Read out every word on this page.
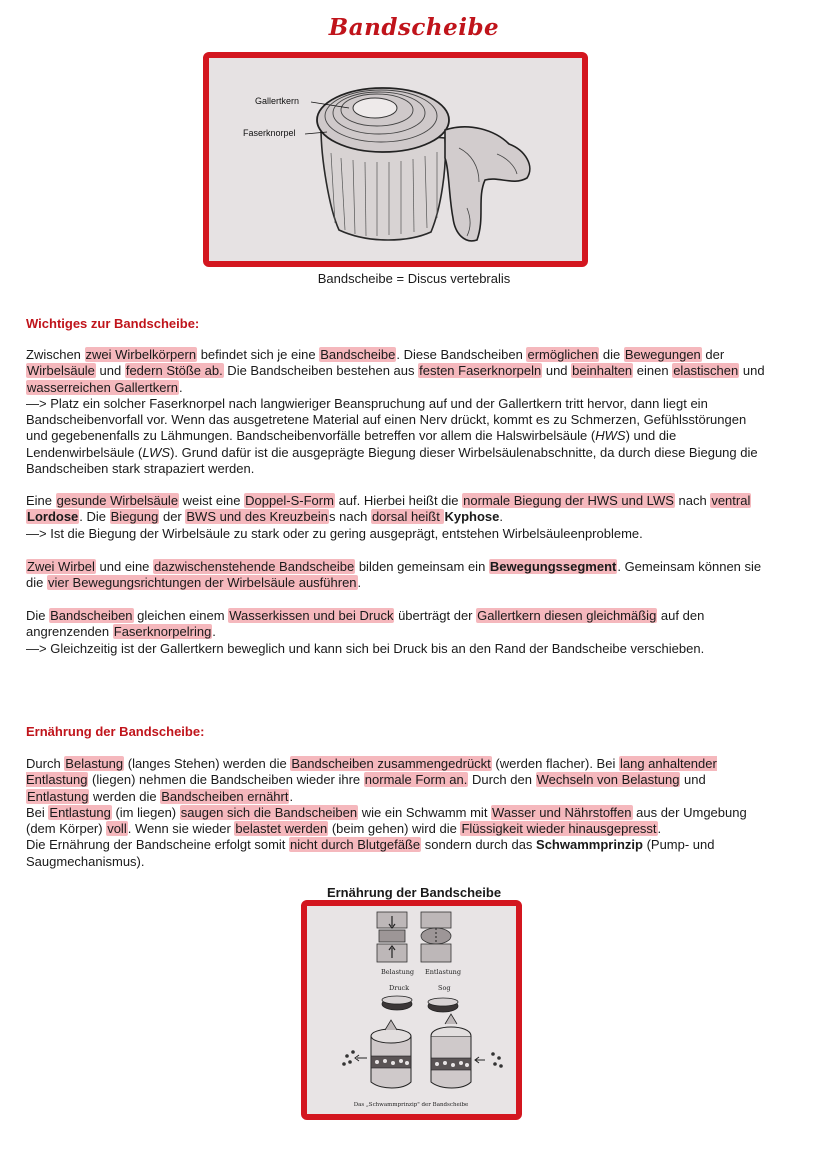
Bandscheibe
Gallertkern
Faserknorpel
Bandscheibe = Discus vertebralis
Wichtiges zur Bandscheibe:

Zwischen zwei Wirbelkörpern befindet sich je eine Bandscheibe. Diese Bandscheiben ermöglichen die Bewegungen der Wirbelsäule und federn Stöße ab. Die Bandscheiben bestehen aus festen Faserknorpeln und beinhalten einen elastischen und wasserreichen Gallertkern.

—> Platz ein solcher Faserknorpel nach langwieriger Beanspruchung auf und der Gallertkern tritt hervor, dann liegt ein Bandscheibenvorfall vor. Wenn das ausgetretene Material auf einen Nerv drückt, kommt es zu Schmerzen, Gefühlsstörungen und gegebenenfalls zu Lähmungen. Bandscheibenvorfälle betreffen vor allem die Halswirbelsäule (HWS) und die Lendenwirbelsäule (LWS). Grund dafür ist die ausgeprägte Biegung dieser Wirbelsäulenabschnitte, da durch diese Biegung die Bandscheiben stark strapaziert werden.

Eine gesunde Wirbelsäule weist eine Doppel-S-Form auf. Hierbei heißt die normale Biegung der HWS und LWS nach ventral Lordose. Die Biegung der BWS und des Kreuzbeins nach dorsal heißt Kyphose.

—> Ist die Biegung der Wirbelsäule zu stark oder zu gering ausgeprägt, entstehen Wirbelsäuleenprobleme.

Zwei Wirbel und eine dazwischenstehende Bandscheibe bilden gemeinsam ein Bewegungssegment. Gemeinsam können sie die vier Bewegungsrichtungen der Wirbelsäule ausführen.

Die Bandscheiben gleichen einem Wasserkissen und bei Druck überträgt der Gallertkern diesen gleichmäßig auf den angrenzenden Faserknorpelring.

—> Gleichzeitig ist der Gallertkern beweglich und kann sich bei Druck bis an den Rand der Bandscheibe verschieben.

Ernährung der Bandscheibe:

Durch Belastung (langes Stehen) werden die Bandscheiben zusammengedrückt (werden flacher). Bei lang anhaltender Entlastung (liegen) nehmen die Bandscheiben wieder ihre normale Form an. Durch den Wechseln von Belastung und Entlastung werden die Bandscheiben ernährt.

Bei Entlastung (im liegen) saugen sich die Bandscheiben wie ein Schwamm mit Wasser und Nährstoffen aus der Umgebung (dem Körper) voll. Wenn sie wieder belastet werden (beim gehen) wird die Flüssigkeit wieder hinausgepresst.

Die Ernährung der Bandscheine erfolgt somit nicht durch Blutgefäße sondern durch das Schwammprinzip (Pump- und Saugmechanismus).

Ernährung der Bandscheibe
Belastung Entlastung
Druck	Sog
Das „Schwammprinzip" der Bandscheibe
